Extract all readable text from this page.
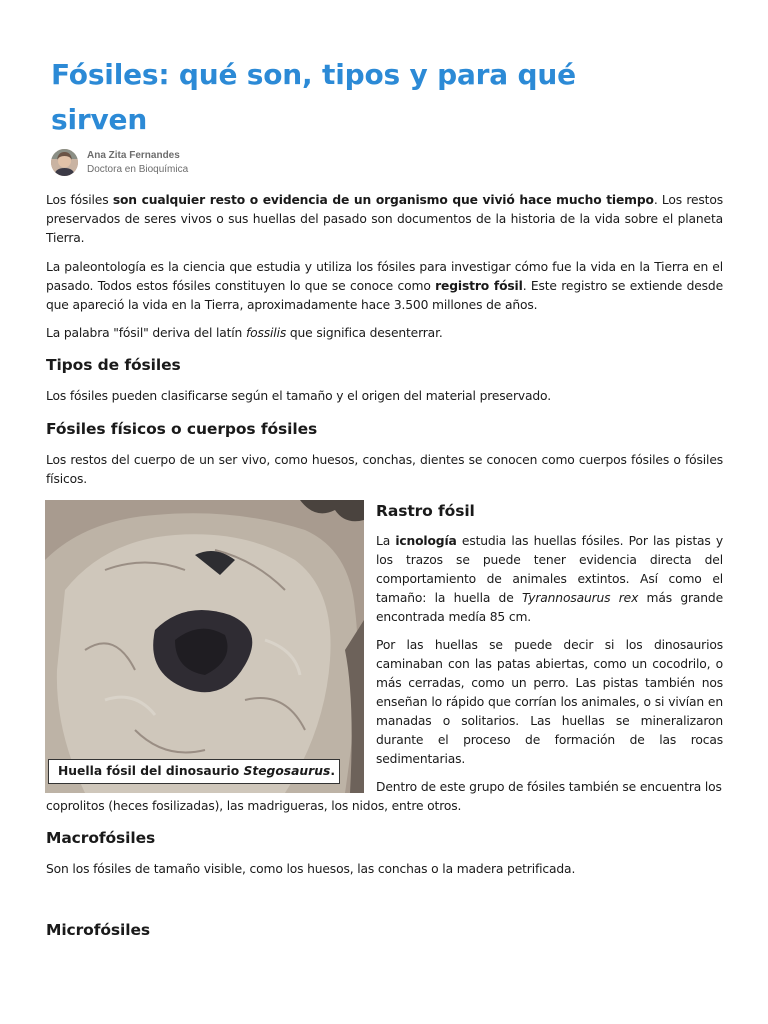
Fósiles: qué son, tipos y para qué sirven

Ana Zita Fernandes

Doctora en Bioquímica

Los fósiles son cualquier resto o evidencia de un organismo que vivió hace mucho tiempo. Los restos preservados de seres vivos o sus huellas del pasado son documentos de la historia de la vida sobre el planeta Tierra.

La paleontología es la ciencia que estudia y utiliza los fósiles para investigar cómo fue la vida en la Tierra en el pasado. Todos estos fósiles constituyen lo que se conoce como registro fósil. Este registro se extiende desde que apareció la vida en la Tierra, aproximadamente hace 3.500 millones de años.

La palabra "fósil" deriva del latín fossilis que significa desenterrar.

Tipos de fósiles

Los fósiles pueden clasificarse según el tamaño y el origen del material preservado.

Fósiles físicos o cuerpos fósiles

Los restos del cuerpo de un ser vivo, como huesos, conchas, dientes se conocen como cuerpos fósiles o fósiles físicos.

Huella fósil del dinosaurio Stegosaurus.
Rastro fósil

La icnología estudia las huellas fósiles. Por las pistas y los trazos se puede tener evidencia directa del comportamiento de animales extintos. Así como el tamaño: la huella de Tyrannosaurus rex más grande encontrada medía 85 cm.

Por las huellas se puede decir si los dinosaurios caminaban con las patas abiertas, como un cocodrilo, o más cerradas, como un perro. Las pistas también nos enseñan lo rápido que corrían los animales, o si vivían en manadas o solitarios. Las huellas se mineralizaron durante el proceso de formación de las rocas sedimentarias.

Dentro de este grupo de fósiles también se encuentra los

coprolitos (heces fosilizadas), las madrigueras, los nidos, entre otros.

Macrofósiles

Son los fósiles de tamaño visible, como los huesos, las conchas o la madera petrificada.

Microfósiles
